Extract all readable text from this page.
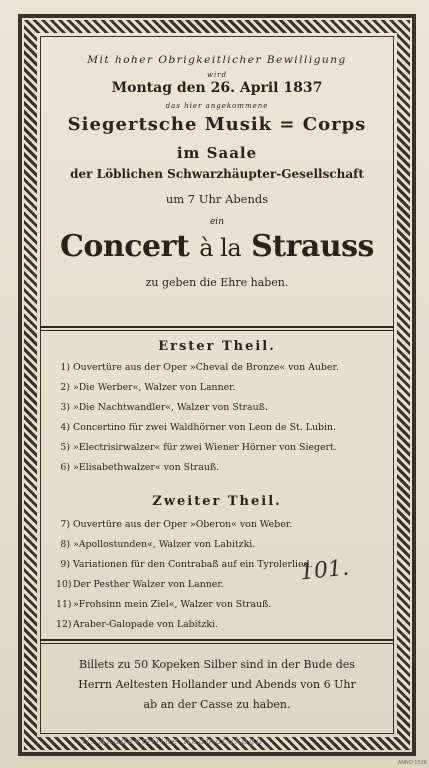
Mit hoher Obrigkeitlicher Bewilligung
wird
Montag den 26. April 1837
das hier angekommene
Siegertsche Musik = Corps
im Saale
der Löblichen Schwarzhäupter-Gesellschaft
um 7 Uhr Abends
ein
Concert à la Strauss
zu geben die Ehre haben.
Erster Theil.
1) Ouvertüre aus der Oper »Cheval de Bronze« von Auber.
2) »Die Werber«, Walzer von Lanner.
3) »Die Nachtwandler«, Walzer von Strauß.
4) Concertino für zwei Waldhörner von Leon de St. Lubin.
5) »Electrisirwalzer« für zwei Wiener Hörner von Siegert.
6) »Elisabethwalzer« von Strauß.
Zweiter Theil.
7) Ouvertüre aus der Oper »Oberon« von Weber.
8) »Apollostunden«, Walzer von Labitzki.
9) Variationen für den Contrabaß auf ein Tyrolerlied.
10)Der Pesther Walzer von Lanner.
11)»Frohsinn mein Ziel«, Walzer von Strauß.
12)Araber-Galopade von Labitzki.
Billets zu 50 Kopeken Silber sind in der Bude des
Herrn Aeltesten Hollander und Abends von 6 Uhr
ab an der Casse zu haben.
101.
Ü. Akadeemiline Raamatukogu
ANNO 1526
